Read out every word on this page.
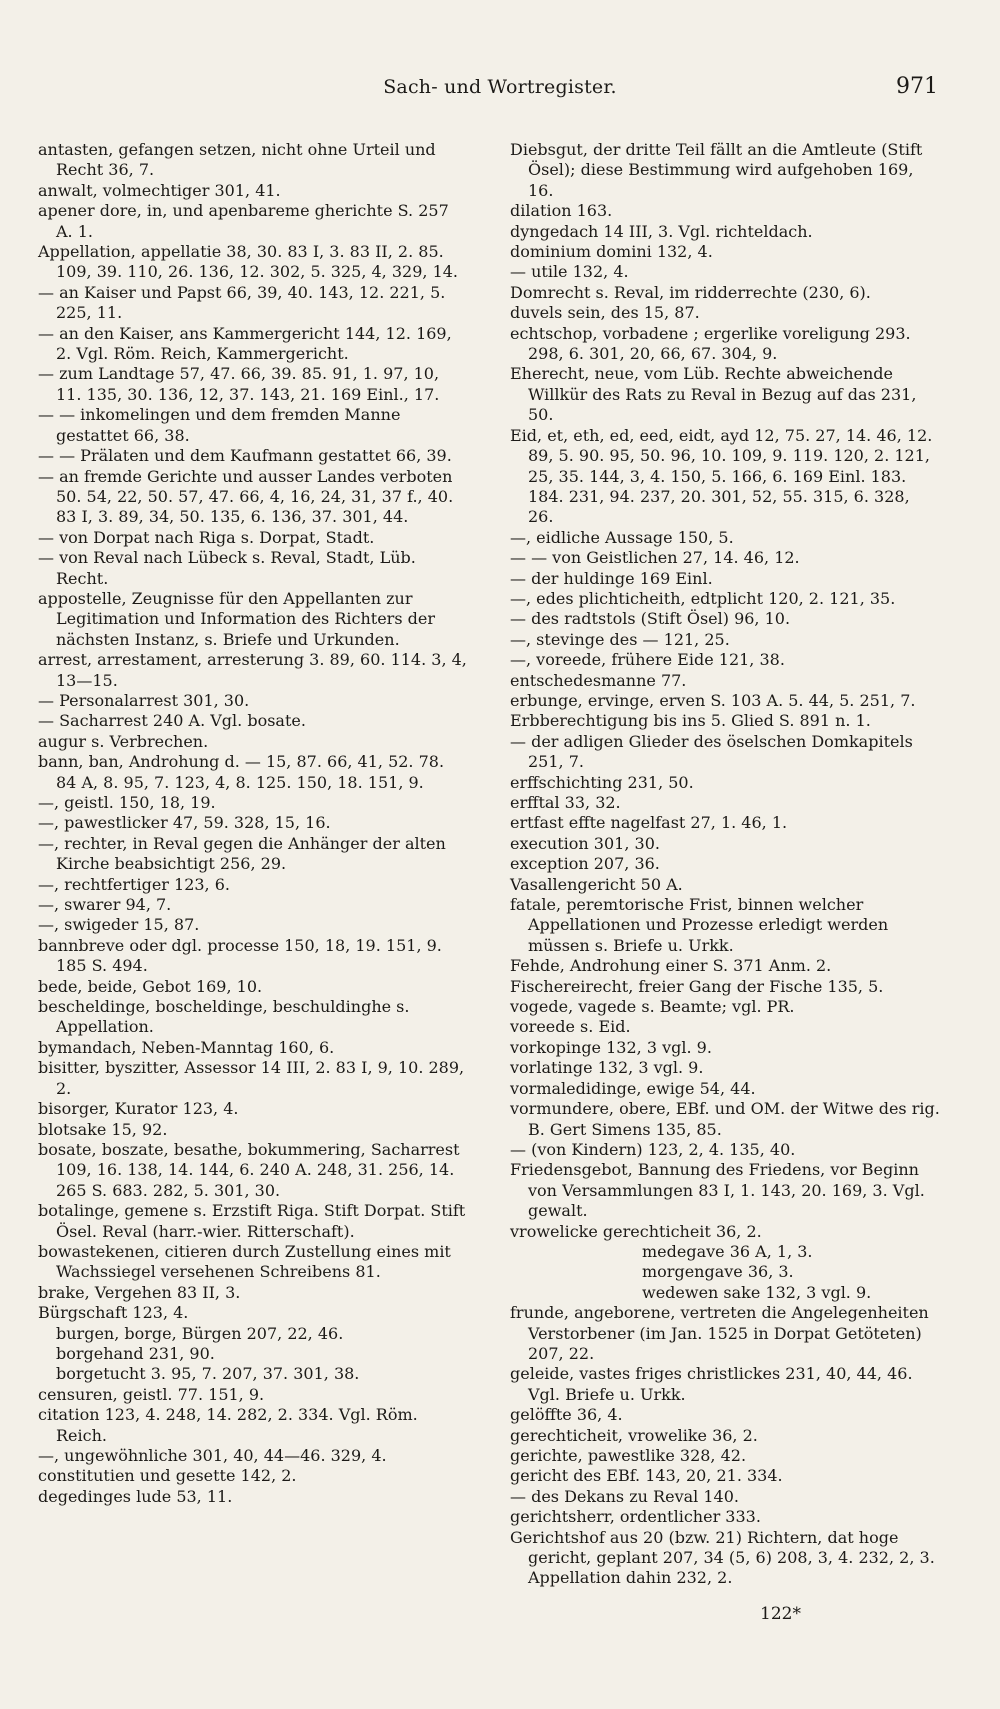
Sach- und Wortregister.	971

antasten, gefangen setzen, nicht ohne Urteil und Recht 36, 7.

anwalt, volmechtiger 301, 41.

apener dore, in, und apenbareme gherichte S. 257 A. 1.

Appellation, appellatie 38, 30. 83 I, 3. 83 II, 2. 85. 109, 39. 110, 26. 136, 12. 302, 5. 325, 4, 329, 14.

— an Kaiser und Papst 66, 39, 40. 143, 12. 221, 5. 225, 11.

— an den Kaiser, ans Kammergericht 144, 12. 169, 2. Vgl. Röm. Reich, Kammergericht.

— zum Landtage 57, 47. 66, 39. 85. 91, 1. 97, 10, 11. 135, 30. 136, 12, 37. 143, 21. 169 Einl., 17.

— — inkomelingen und dem fremden Manne gestattet 66, 38.

— — Prälaten und dem Kaufmann gestattet 66, 39.

— an fremde Gerichte und ausser Landes verboten 50. 54, 22, 50. 57, 47. 66, 4, 16, 24, 31, 37 f., 40. 83 I, 3. 89, 34, 50. 135, 6. 136, 37. 301, 44.

— von Dorpat nach Riga s. Dorpat, Stadt.

— von Reval nach Lübeck s. Reval, Stadt, Lüb. Recht.

appostelle, Zeugnisse für den Appellanten zur Legitimation und Information des Richters der nächsten Instanz, s. Briefe und Urkunden.

arrest, arrestament, arresterung 3. 89, 60. 114. 3, 4, 13—15.

— Personalarrest 301, 30.

— Sacharrest 240 A. Vgl. bosate.

augur s. Verbrechen.

bann, ban, Androhung d. — 15, 87. 66, 41, 52. 78. 84 A, 8. 95, 7. 123, 4, 8. 125. 150, 18. 151, 9.

—, geistl. 150, 18, 19.

—, pawestlicker 47, 59. 328, 15, 16.

—, rechter, in Reval gegen die Anhänger der alten Kirche beabsichtigt 256, 29.

—, rechtfertiger 123, 6.

—, swarer 94, 7.

—, swigeder 15, 87.

bannbreve oder dgl. processe 150, 18, 19. 151, 9. 185 S. 494.

bede, beide, Gebot 169, 10.

bescheldinge, boscheldinge, beschuldinghe s. Appellation.

bymandach, Neben-Manntag 160, 6.

bisitter, byszitter, Assessor 14 III, 2. 83 I, 9, 10. 289, 2.

bisorger, Kurator 123, 4.

blotsake 15, 92.

bosate, boszate, besathe, bokummering, Sacharrest 109, 16. 138, 14. 144, 6. 240 A. 248, 31. 256, 14. 265 S. 683. 282, 5. 301, 30.

botalinge, gemene s. Erzstift Riga. Stift Dorpat. Stift Ösel. Reval (harr.-wier. Ritterschaft).

bowastekenen, citieren durch Zustellung eines mit Wachssiegel versehenen Schreibens 81.

brake, Vergehen 83 II, 3.

Bürgschaft 123, 4.

burgen, borge, Bürgen 207, 22, 46.

borgehand 231, 90.

borgetucht 3. 95, 7. 207, 37. 301, 38.

censuren, geistl. 77. 151, 9.

citation 123, 4. 248, 14. 282, 2. 334. Vgl. Röm. Reich.

—, ungewöhnliche 301, 40, 44—46. 329, 4.

constitutien und gesette 142, 2.

degedinges lude 53, 11.

Diebsgut, der dritte Teil fällt an die Amtleute (Stift Ösel); diese Bestimmung wird aufgehoben 169, 16.

dilation 163.

dyngedach 14 III, 3. Vgl. richteldach.

dominium domini 132, 4.

— utile 132, 4.

Domrecht s. Reval, im ridderrechte (230, 6).

duvels sein, des 15, 87.

echtschop, vorbadene ; ergerlike voreligung 293. 298, 6. 301, 20, 66, 67. 304, 9.

Eherecht, neue, vom Lüb. Rechte abweichende Willkür des Rats zu Reval in Bezug auf das 231, 50.

Eid, et, eth, ed, eed, eidt, ayd 12, 75. 27, 14. 46, 12. 89, 5. 90. 95, 50. 96, 10. 109, 9. 119. 120, 2. 121, 25, 35. 144, 3, 4. 150, 5. 166, 6. 169 Einl. 183. 184. 231, 94. 237, 20. 301, 52, 55. 315, 6. 328, 26.

—, eidliche Aussage 150, 5.

— — von Geistlichen 27, 14. 46, 12.

— der huldinge 169 Einl.

—, edes plichticheith, edtplicht 120, 2. 121, 35.

— des radtstols (Stift Ösel) 96, 10.

—, stevinge des — 121, 25.

—, voreede, frühere Eide 121, 38.

entschedesmanne 77.

erbunge, ervinge, erven S. 103 A. 5. 44, 5. 251, 7.

Erbberechtigung bis ins 5. Glied S. 891 n. 1.

— der adligen Glieder des öselschen Domkapitels 251, 7.

erffschichting 231, 50.

erfftal 33, 32.

ertfast effte nagelfast 27, 1. 46, 1.

execution 301, 30.

exception 207, 36.

Vasallengericht 50 A.

fatale, peremtorische Frist, binnen welcher Appellationen und Prozesse erledigt werden müssen s. Briefe u. Urkk.

Fehde, Androhung einer S. 371 Anm. 2.

Fischereirecht, freier Gang der Fische 135, 5.

vogede, vagede s. Beamte; vgl. PR.

voreede s. Eid.

vorkopinge 132, 3 vgl. 9.

vorlatinge 132, 3 vgl. 9.

vormaledidinge, ewige 54, 44.

vormundere, obere, EBf. und OM. der Witwe des rig. B. Gert Simens 135, 85.

— (von Kindern) 123, 2, 4. 135, 40.

Friedensgebot, Bannung des Friedens, vor Beginn von Versammlungen 83 I, 1. 143, 20. 169, 3. Vgl. gewalt.

vrowelicke gerechticheit 36, 2.

medegave 36 A, 1, 3.

morgengave 36, 3.

wedewen sake 132, 3 vgl. 9.

frunde, angeborene, vertreten die Angelegenheiten Verstorbener (im Jan. 1525 in Dorpat Getöteten) 207, 22.

geleide, vastes friges christlickes 231, 40, 44, 46. Vgl. Briefe u. Urkk.

gelöffte 36, 4.

gerechticheit, vrowelike 36, 2.

gerichte, pawestlike 328, 42.

gericht des EBf. 143, 20, 21. 334.

— des Dekans zu Reval 140.

gerichtsherr, ordentlicher 333.

Gerichtshof aus 20 (bzw. 21) Richtern, dat hoge gericht, geplant 207, 34 (5, 6) 208, 3, 4. 232, 2, 3.

Appellation dahin 232, 2.

122*
